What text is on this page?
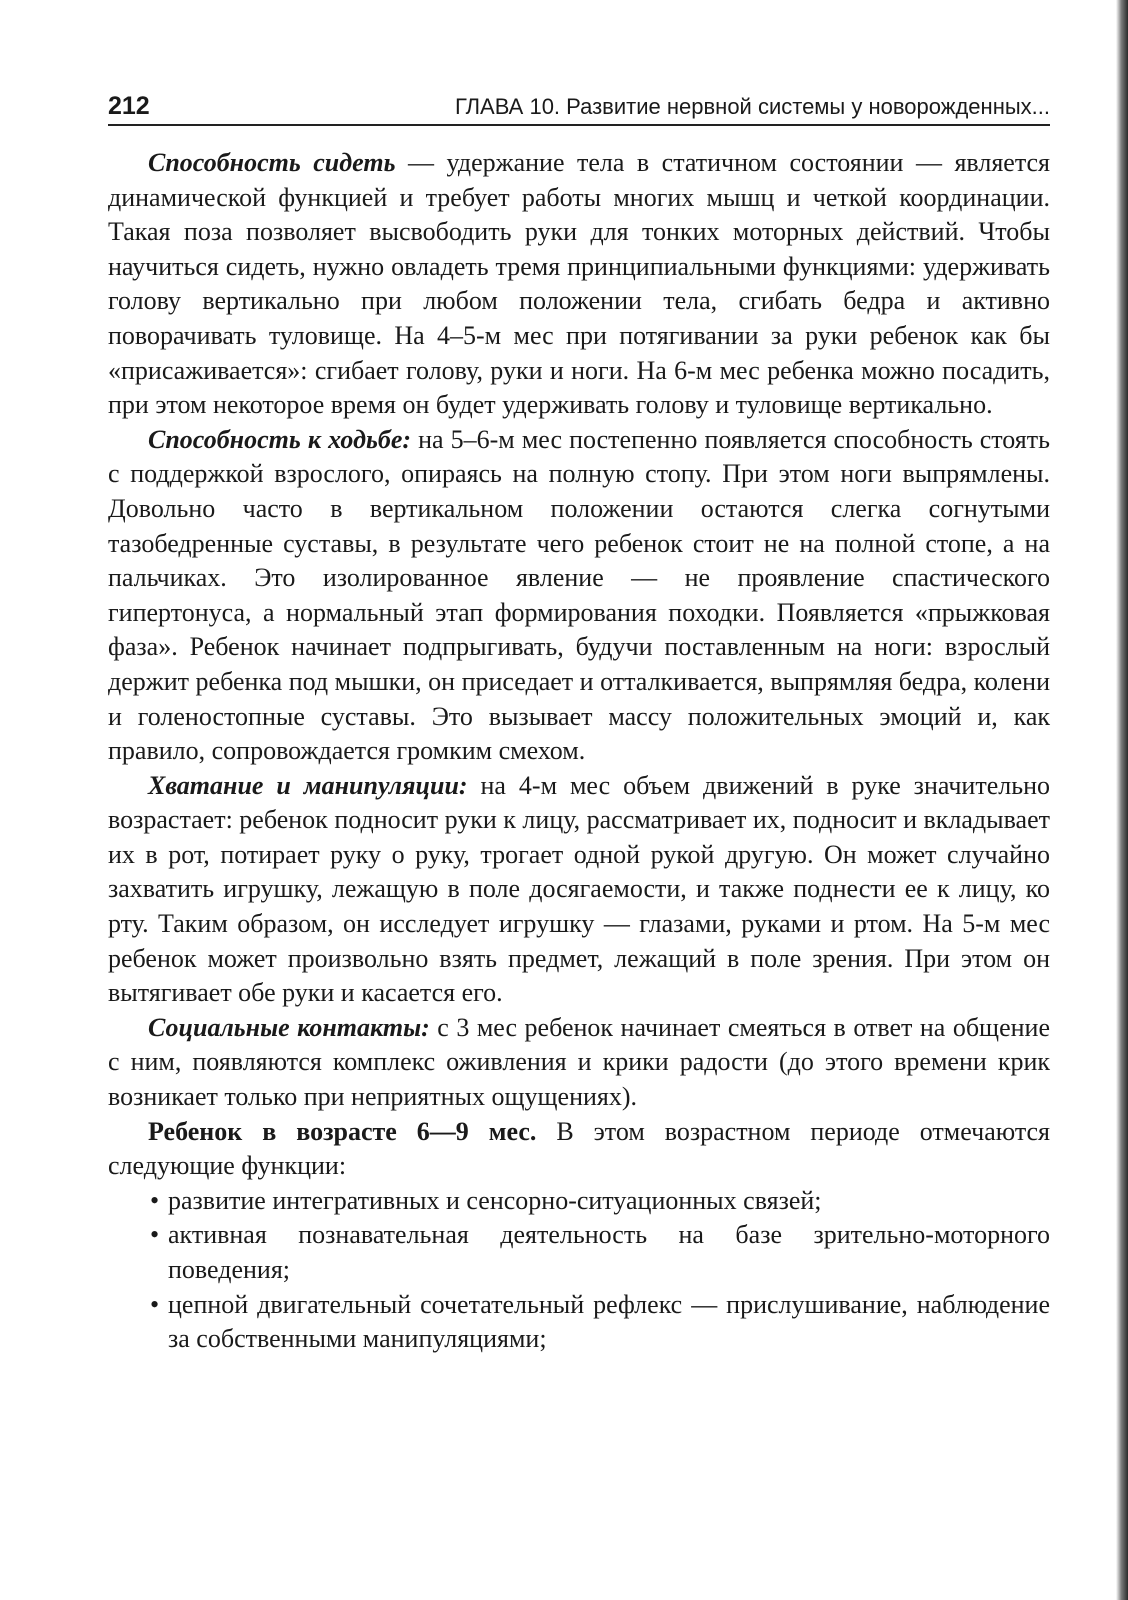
212	ГЛАВА 10. Развитие нервной системы у новорожденных...

Способность сидеть — удержание тела в статичном состоянии — является динамической функцией и требует работы многих мышц и четкой координации. Такая поза позволяет высвободить руки для тонких моторных действий. Чтобы научиться сидеть, нужно овладеть тремя принципиальными функциями: удерживать голову вертикально при любом положении тела, сгибать бедра и активно поворачивать туловище. На 4–5-м мес при потягивании за руки ребенок как бы «присаживается»: сгибает голову, руки и ноги. На 6-м мес ребенка можно посадить, при этом некоторое время он будет удерживать голову и туловище вертикально.

Способность к ходьбе: на 5–6-м мес постепенно появляется способность стоять с поддержкой взрослого, опираясь на полную стопу. При этом ноги выпрямлены. Довольно часто в вертикальном положении остаются слегка согнутыми тазобедренные суставы, в результате чего ребенок стоит не на полной стопе, а на пальчиках. Это изолированное явление — не проявление спастического гипертонуса, а нормальный этап формирования походки. Появляется «прыжковая фаза». Ребенок начинает подпрыгивать, будучи поставленным на ноги: взрослый держит ребенка под мышки, он приседает и отталкивается, выпрямляя бедра, колени и голеностопные суставы. Это вызывает массу положительных эмоций и, как правило, сопровождается громким смехом.

Хватание и манипуляции: на 4-м мес объем движений в руке значительно возрастает: ребенок подносит руки к лицу, рассматривает их, подносит и вкладывает их в рот, потирает руку о руку, трогает одной рукой другую. Он может случайно захватить игрушку, лежащую в поле досягаемости, и также поднести ее к лицу, ко рту. Таким образом, он исследует игрушку — глазами, руками и ртом. На 5-м мес ребенок может произвольно взять предмет, лежащий в поле зрения. При этом он вытягивает обе руки и касается его.

Социальные контакты: с 3 мес ребенок начинает смеяться в ответ на общение с ним, появляются комплекс оживления и крики радости (до этого времени крик возникает только при неприятных ощущениях).

Ребенок в возрасте 6—9 мес. В этом возрастном периоде отмечаются следующие функции:

• развитие интегративных и сенсорно-ситуационных связей;
• активная познавательная деятельность на базе зрительно-моторного поведения;
• цепной двигательный сочетательный рефлекс — прислушивание, наблюдение за собственными манипуляциями;
